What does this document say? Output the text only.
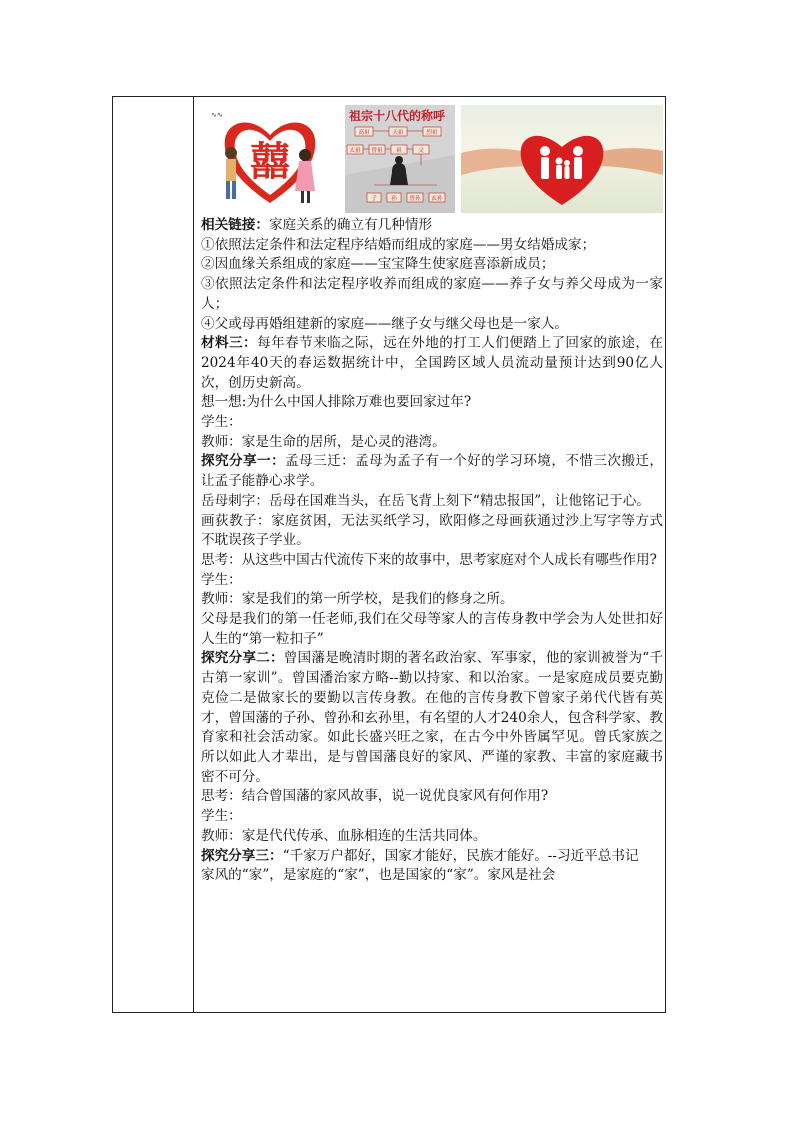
囍
∿∿
高祖	天祖	烈祖
太祖 曾祖 祖	父
子	孙 曾孙 玄孙
祖宗十八代的称呼

相关链接：家庭关系的确立有几种情形

①依照法定条件和法定程序结婚而组成的家庭——男女结婚成家；

②因血缘关系组成的家庭——宝宝降生使家庭喜添新成员；

③依照法定条件和法定程序收养而组成的家庭——养子女与养父母成为一家人；

④父或母再婚组建新的家庭——继子女与继父母也是一家人。

材料三：每年春节来临之际，远在外地的打工人们便踏上了回家的旅途，在2024年40天的春运数据统计中，全国跨区域人员流动量预计达到90亿人次，创历史新高。

想一想:为什么中国人排除万难也要回家过年?

学生：

教师：家是生命的居所，是心灵的港湾。

探究分享一：孟母三迁：孟母为孟子有一个好的学习环境，不惜三次搬迁，让孟子能静心求学。

岳母刺字：岳母在国难当头，在岳飞背上刻下“精忠报国”，让他铭记于心。

画荻教子：家庭贫困，无法买纸学习，欧阳修之母画荻通过沙上写字等方式不耽误孩子学业。

思考：从这些中国古代流传下来的故事中，思考家庭对个人成长有哪些作用?

学生：

教师：家是我们的第一所学校，是我们的修身之所。

父母是我们的第一任老师,我们在父母等家人的言传身教中学会为人处世扣好人生的“第一粒扣子”

探究分享二：曾国藩是晚清时期的著名政治家、军事家，他的家训被誉为“千古第一家训”。曾国潘治家方略--勤以持家、和以治家。一是家庭成员要克勤克俭二是做家长的要勤以言传身教。在他的言传身教下曾家子弟代代皆有英才，曾国藩的子孙、曾孙和玄孙里，有名望的人才240余人，包含科学家、教育家和社会活动家。如此长盛兴旺之家，在古今中外皆属罕见。曾氏家族之所以如此人才辈出，是与曾国藩良好的家风、严谨的家教、丰富的家庭藏书密不可分。

思考：结合曾国藩的家风故事，说一说优良家风有何作用?

学生：

教师：家是代代传承、血脉相连的生活共同体。

探究分享三：“千家万户都好，国家才能好，民族才能好。--习近平总书记

家风的“家”，是家庭的“家”，也是国家的“家”。家风是社会
